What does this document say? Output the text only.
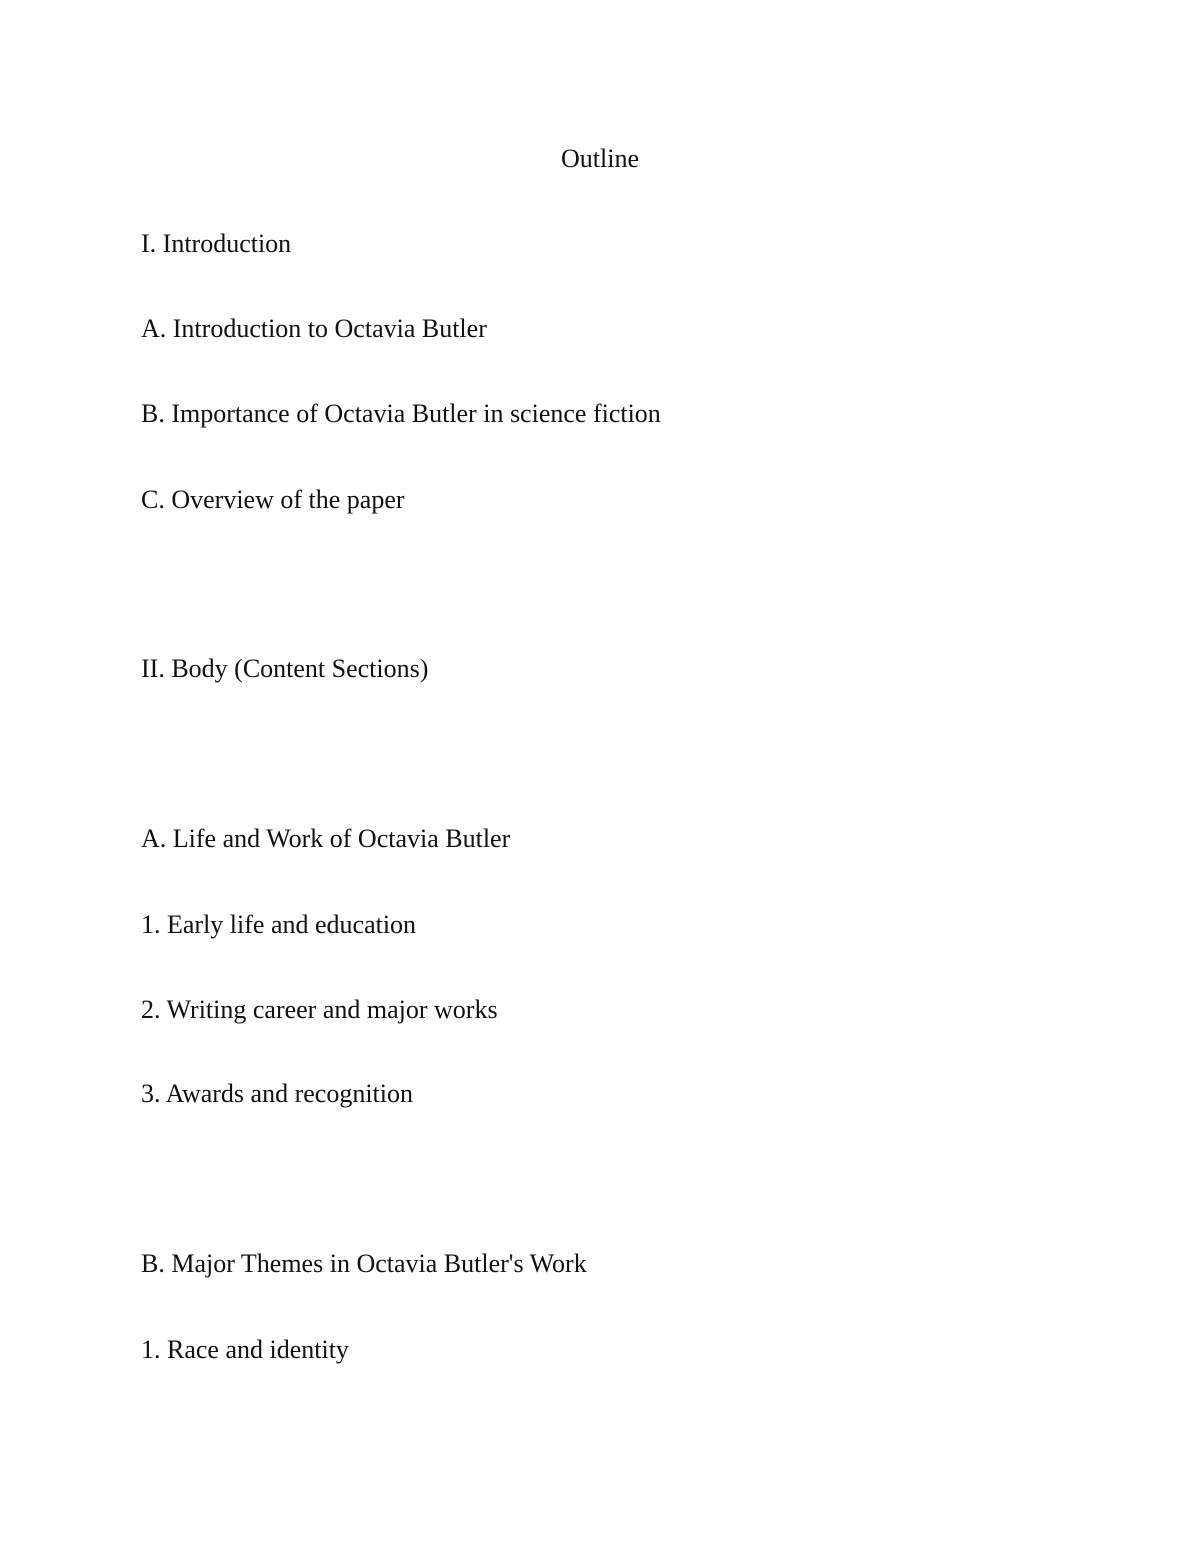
Outline
I. Introduction
A. Introduction to Octavia Butler
B. Importance of Octavia Butler in science fiction
C. Overview of the paper
II. Body (Content Sections)
A. Life and Work of Octavia Butler
1. Early life and education
2. Writing career and major works
3. Awards and recognition
B. Major Themes in Octavia Butler's Work
1. Race and identity
